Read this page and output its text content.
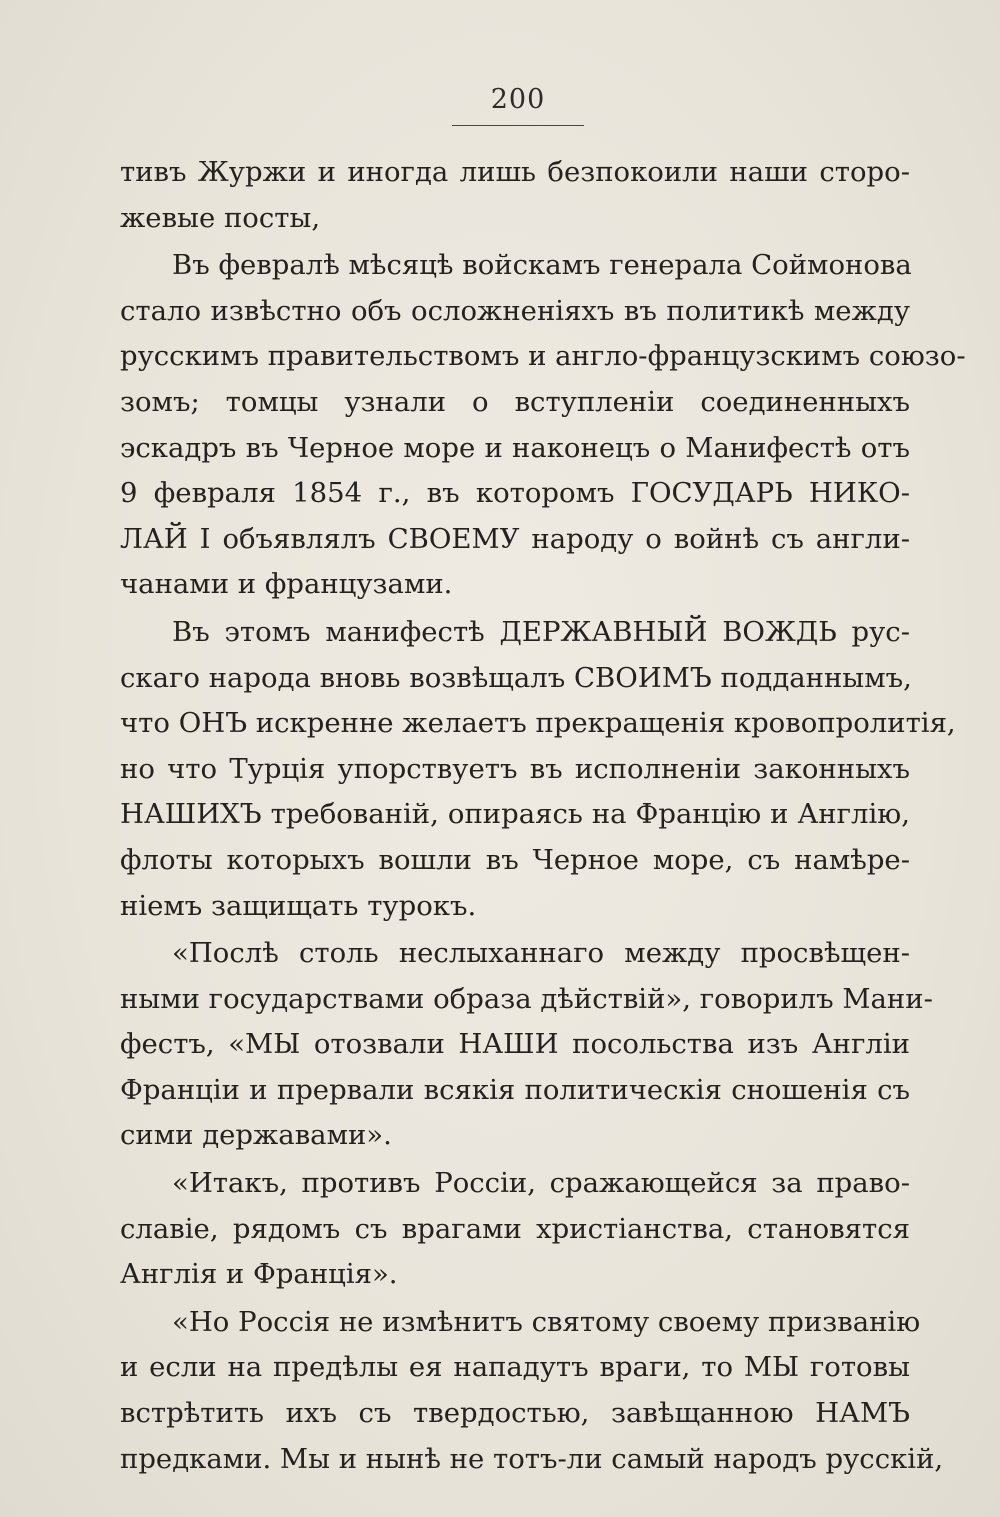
200
тивъ Журжи и иногда лишь безпокоили наши сторо-
жевые посты,
Въ февралѣ мѣсяцѣ войскамъ генерала Соймонова
стало извѣстно объ осложненіяхъ въ политикѣ между
русскимъ правительствомъ и англо-французскимъ союзо-
зомъ; томцы узнали о вступленіи соединенныхъ
эскадръ въ Черное море и наконецъ о Манифестѣ отъ
9 февраля 1854 г., въ которомъ ГОСУДАРЬ НИКО-
ЛАЙ I объявлялъ СВОЕМУ народу о войнѣ съ англи-
чанами и французами.
Въ этомъ манифестѣ ДЕРЖАВНЫЙ ВОЖДЬ рус-
скаго народа вновь возвѣщалъ СВОИМЪ подданнымъ,
что ОНЪ искренне желаетъ прекращенія кровопролитія,
но что Турція упорствуетъ въ исполненіи законныхъ
НАШИХЪ требованій, опираясь на Францію и Англію,
флоты которыхъ вошли въ Черное море, съ намѣре-
ніемъ защищать турокъ.
«Послѣ столь неслыханнаго между просвѣщен-
ными государствами образа дѣйствій», говорилъ Мани-
фестъ, «МЫ отозвали НАШИ посольства изъ Англіи
Франціи и прервали всякія политическія сношенія съ
сими державами».
«Итакъ, противъ Россіи, сражающейся за право-
славіе, рядомъ съ врагами христіанства, становятся
Англія и Франція».
«Но Россія не измѣнитъ святому своему призванію
и если на предѣлы ея нападутъ враги, то МЫ готовы
встрѣтить ихъ съ твердостью, завѣщанною НАМЪ
предками. Мы и нынѣ не тотъ-ли самый народъ русскій,
